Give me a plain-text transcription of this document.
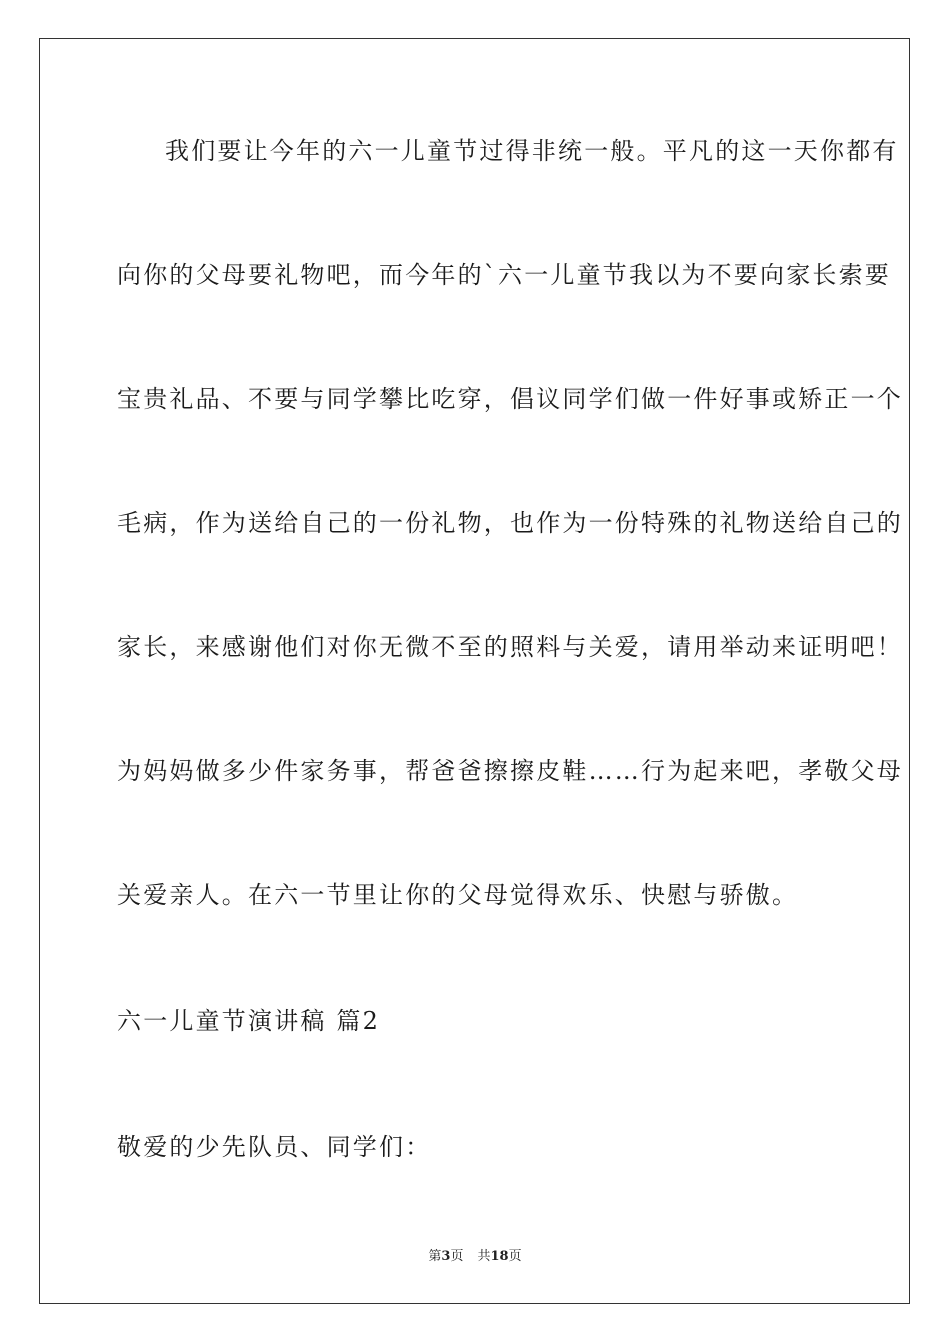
我们要让今年的六一儿童节过得非统一般。平凡的这一天你都有
向你的父母要礼物吧，而今年的`六一儿童节我以为不要向家长索要
宝贵礼品、不要与同学攀比吃穿，倡议同学们做一件好事或矫正一个
毛病，作为送给自己的一份礼物，也作为一份特殊的礼物送给自己的
家长，来感谢他们对你无微不至的照料与关爱，请用举动来证明吧！
为妈妈做多少件家务事，帮爸爸擦擦皮鞋……行为起来吧，孝敬父母
关爱亲人。在六一节里让你的父母觉得欢乐、快慰与骄傲。
六一儿童节演讲稿 篇2
敬爱的少先队员、同学们：
第3页 共18页
